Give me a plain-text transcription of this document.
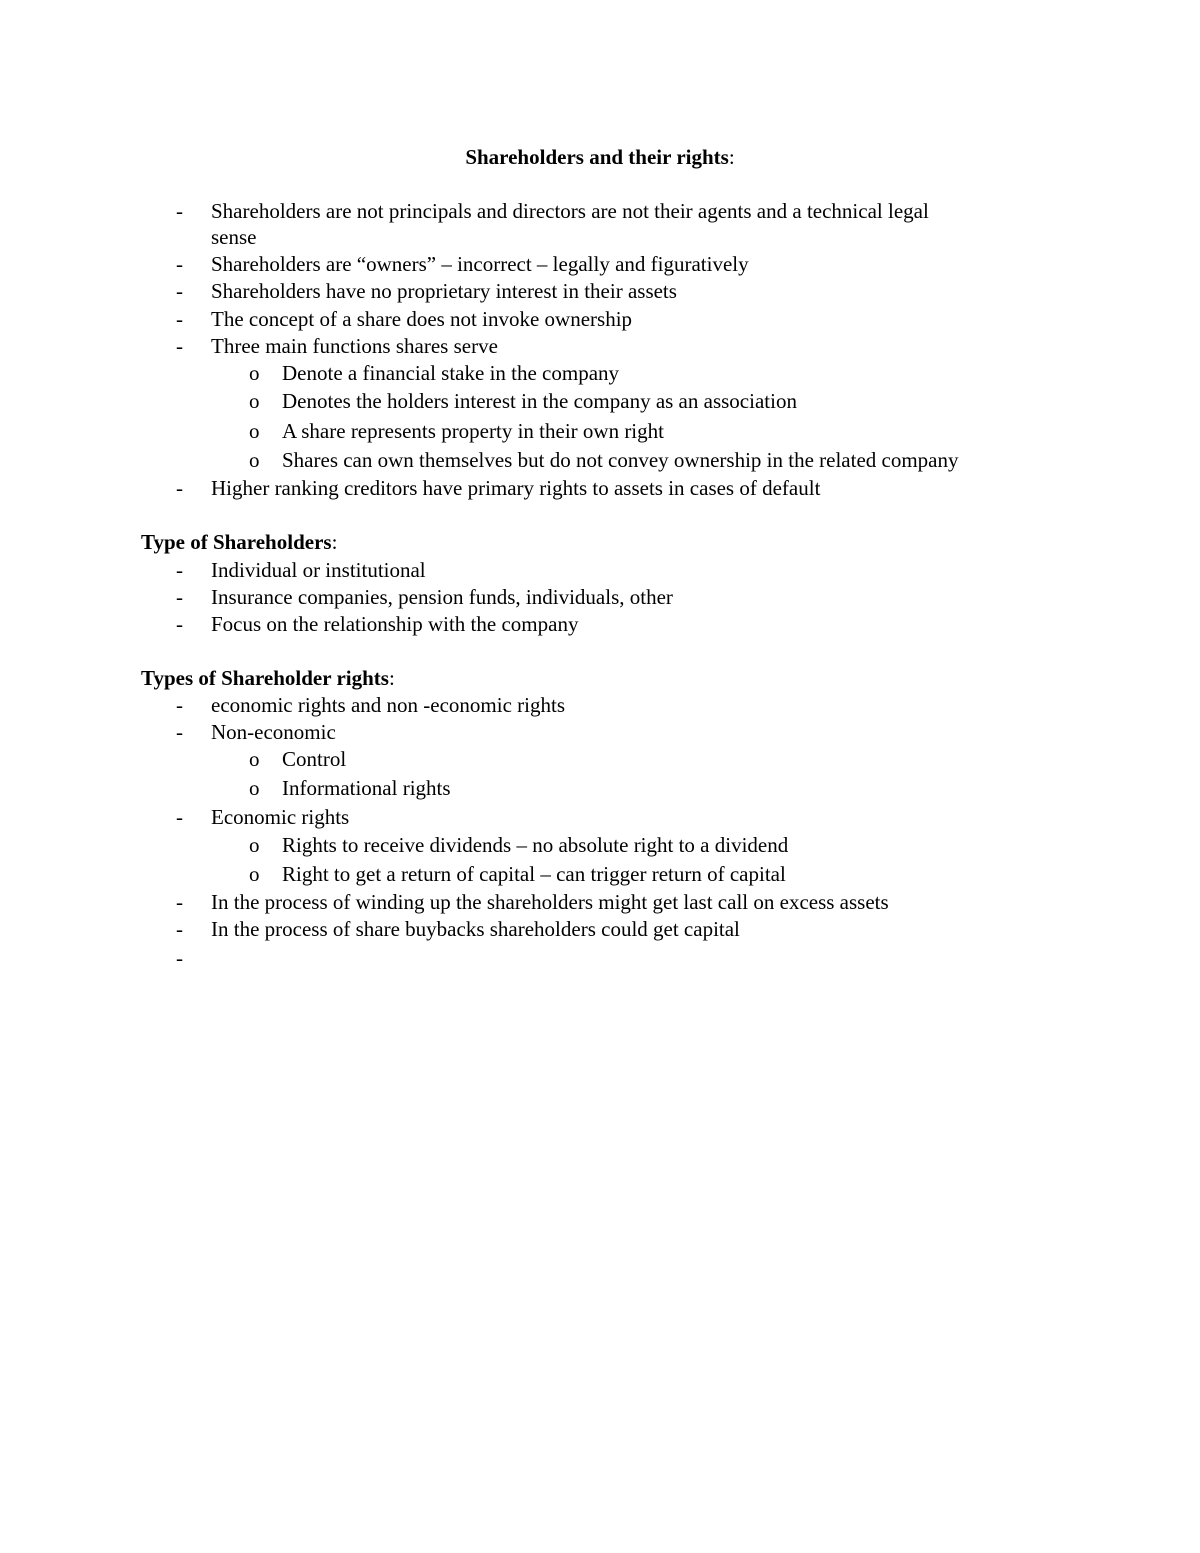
Shareholders and their rights:
- Shareholders are not principals and directors are not their agents and a technical legal
sense
- Shareholders are “owners” – incorrect – legally and figuratively
- Shareholders have no proprietary interest in their assets
- The concept of a share does not invoke ownership
- Three main functions shares serve
o Denote a financial stake in the company
o Denotes the holders interest in the company as an association
o A share represents property in their own right
o Shares can own themselves but do not convey ownership in the related company
- Higher ranking creditors have primary rights to assets in cases of default
Type of Shareholders:
- Individual or institutional
- Insurance companies, pension funds, individuals, other
- Focus on the relationship with the company
Types of Shareholder rights:
- economic rights and non -economic rights
- Non-economic
o Control
o Informational rights
- Economic rights
o Rights to receive dividends – no absolute right to a dividend
o Right to get a return of capital – can trigger return of capital
- In the process of winding up the shareholders might get last call on excess assets
- In the process of share buybacks shareholders could get capital
-
